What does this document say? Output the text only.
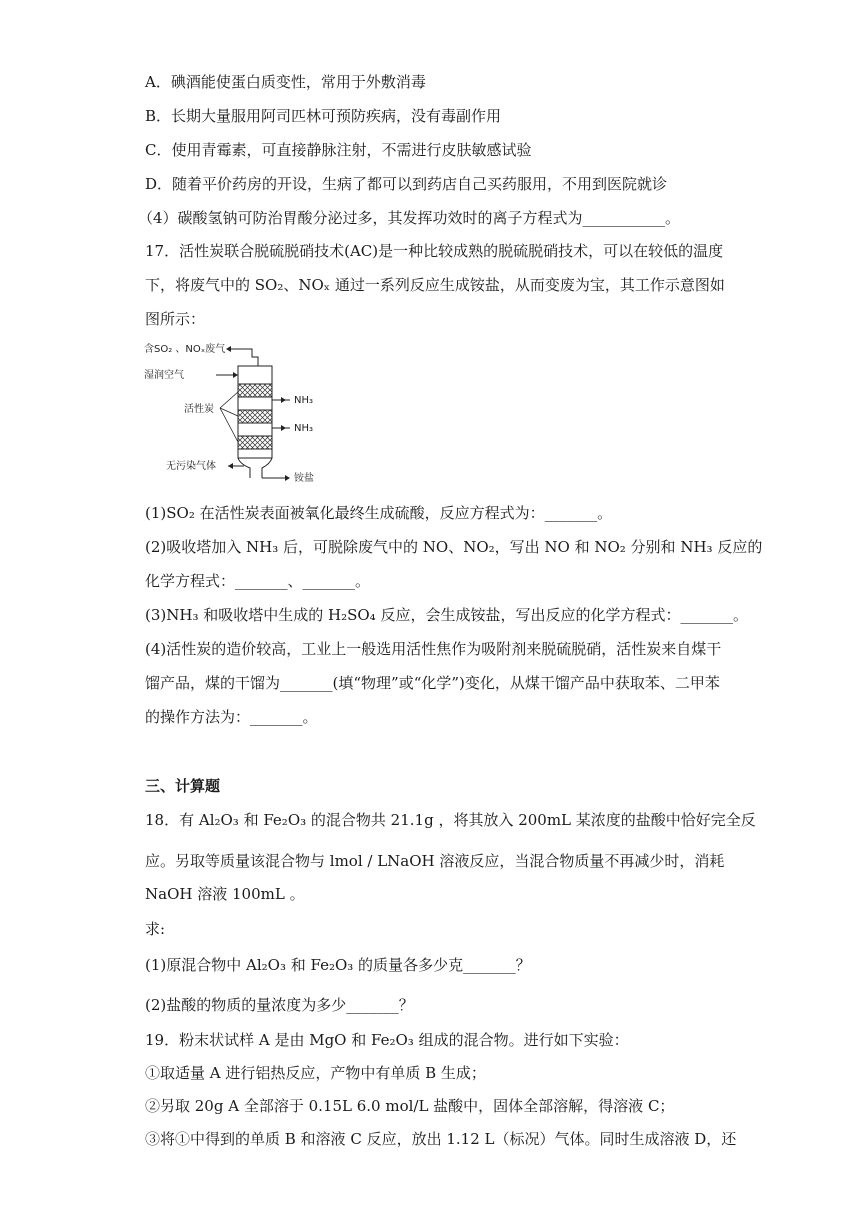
A．碘酒能使蛋白质变性，常用于外敷消毒
B．长期大量服用阿司匹林可预防疾病，没有毒副作用
C．使用青霉素，可直接静脉注射，不需进行皮肤敏感试验
D．随着平价药房的开设，生病了都可以到药店自己买药服用，不用到医院就诊
（4）碳酸氢钠可防治胃酸分泌过多，其发挥功效时的离子方程式为___________。
17．活性炭联合脱硫脱硝技术(AC)是一种比较成熟的脱硫脱硝技术，可以在较低的温度
下，将废气中的 SO₂、NOₓ 通过一系列反应生成铵盐，从而变废为宝，其工作示意图如
图所示：
含SO₂ 、NOₓ废气
湿润空气
活性炭
NH₃
NH₃
无污染气体
铵盐
(1)SO₂ 在活性炭表面被氧化最终生成硫酸，反应方程式为：_______。
(2)吸收塔加入 NH₃ 后，可脱除废气中的 NO、NO₂，写出 NO 和 NO₂ 分别和 NH₃ 反应的
化学方程式：_______、_______。
(3)NH₃ 和吸收塔中生成的 H₂SO₄ 反应，会生成铵盐，写出反应的化学方程式：_______。
(4)活性炭的造价较高，工业上一般选用活性焦作为吸附剂来脱硫脱硝，活性炭来自煤干
馏产品，煤的干馏为_______(填“物理”或“化学”)变化，从煤干馏产品中获取苯、二甲苯
的操作方法为：_______。
三、计算题
18．有 Al₂O₃ 和 Fe₂O₃ 的混合物共 21.1g ，将其放入 200mL 某浓度的盐酸中恰好完全反
应。另取等质量该混合物与 lmol / LNaOH 溶液反应，当混合物质量不再减少时，消耗
NaOH 溶液 100mL 。
求:
(1)原混合物中 Al₂O₃ 和 Fe₂O₃ 的质量各多少克_______？
(2)盐酸的物质的量浓度为多少_______？
19．粉末状试样 A 是由 MgO 和 Fe₂O₃ 组成的混合物。进行如下实验：
①取适量 A 进行铝热反应，产物中有单质 B 生成；
②另取 20g A 全部溶于 0.15L 6.0 mol/L 盐酸中，固体全部溶解，得溶液 C；
③将①中得到的单质 B 和溶液 C 反应，放出 1.12 L（标况）气体。同时生成溶液 D，还
